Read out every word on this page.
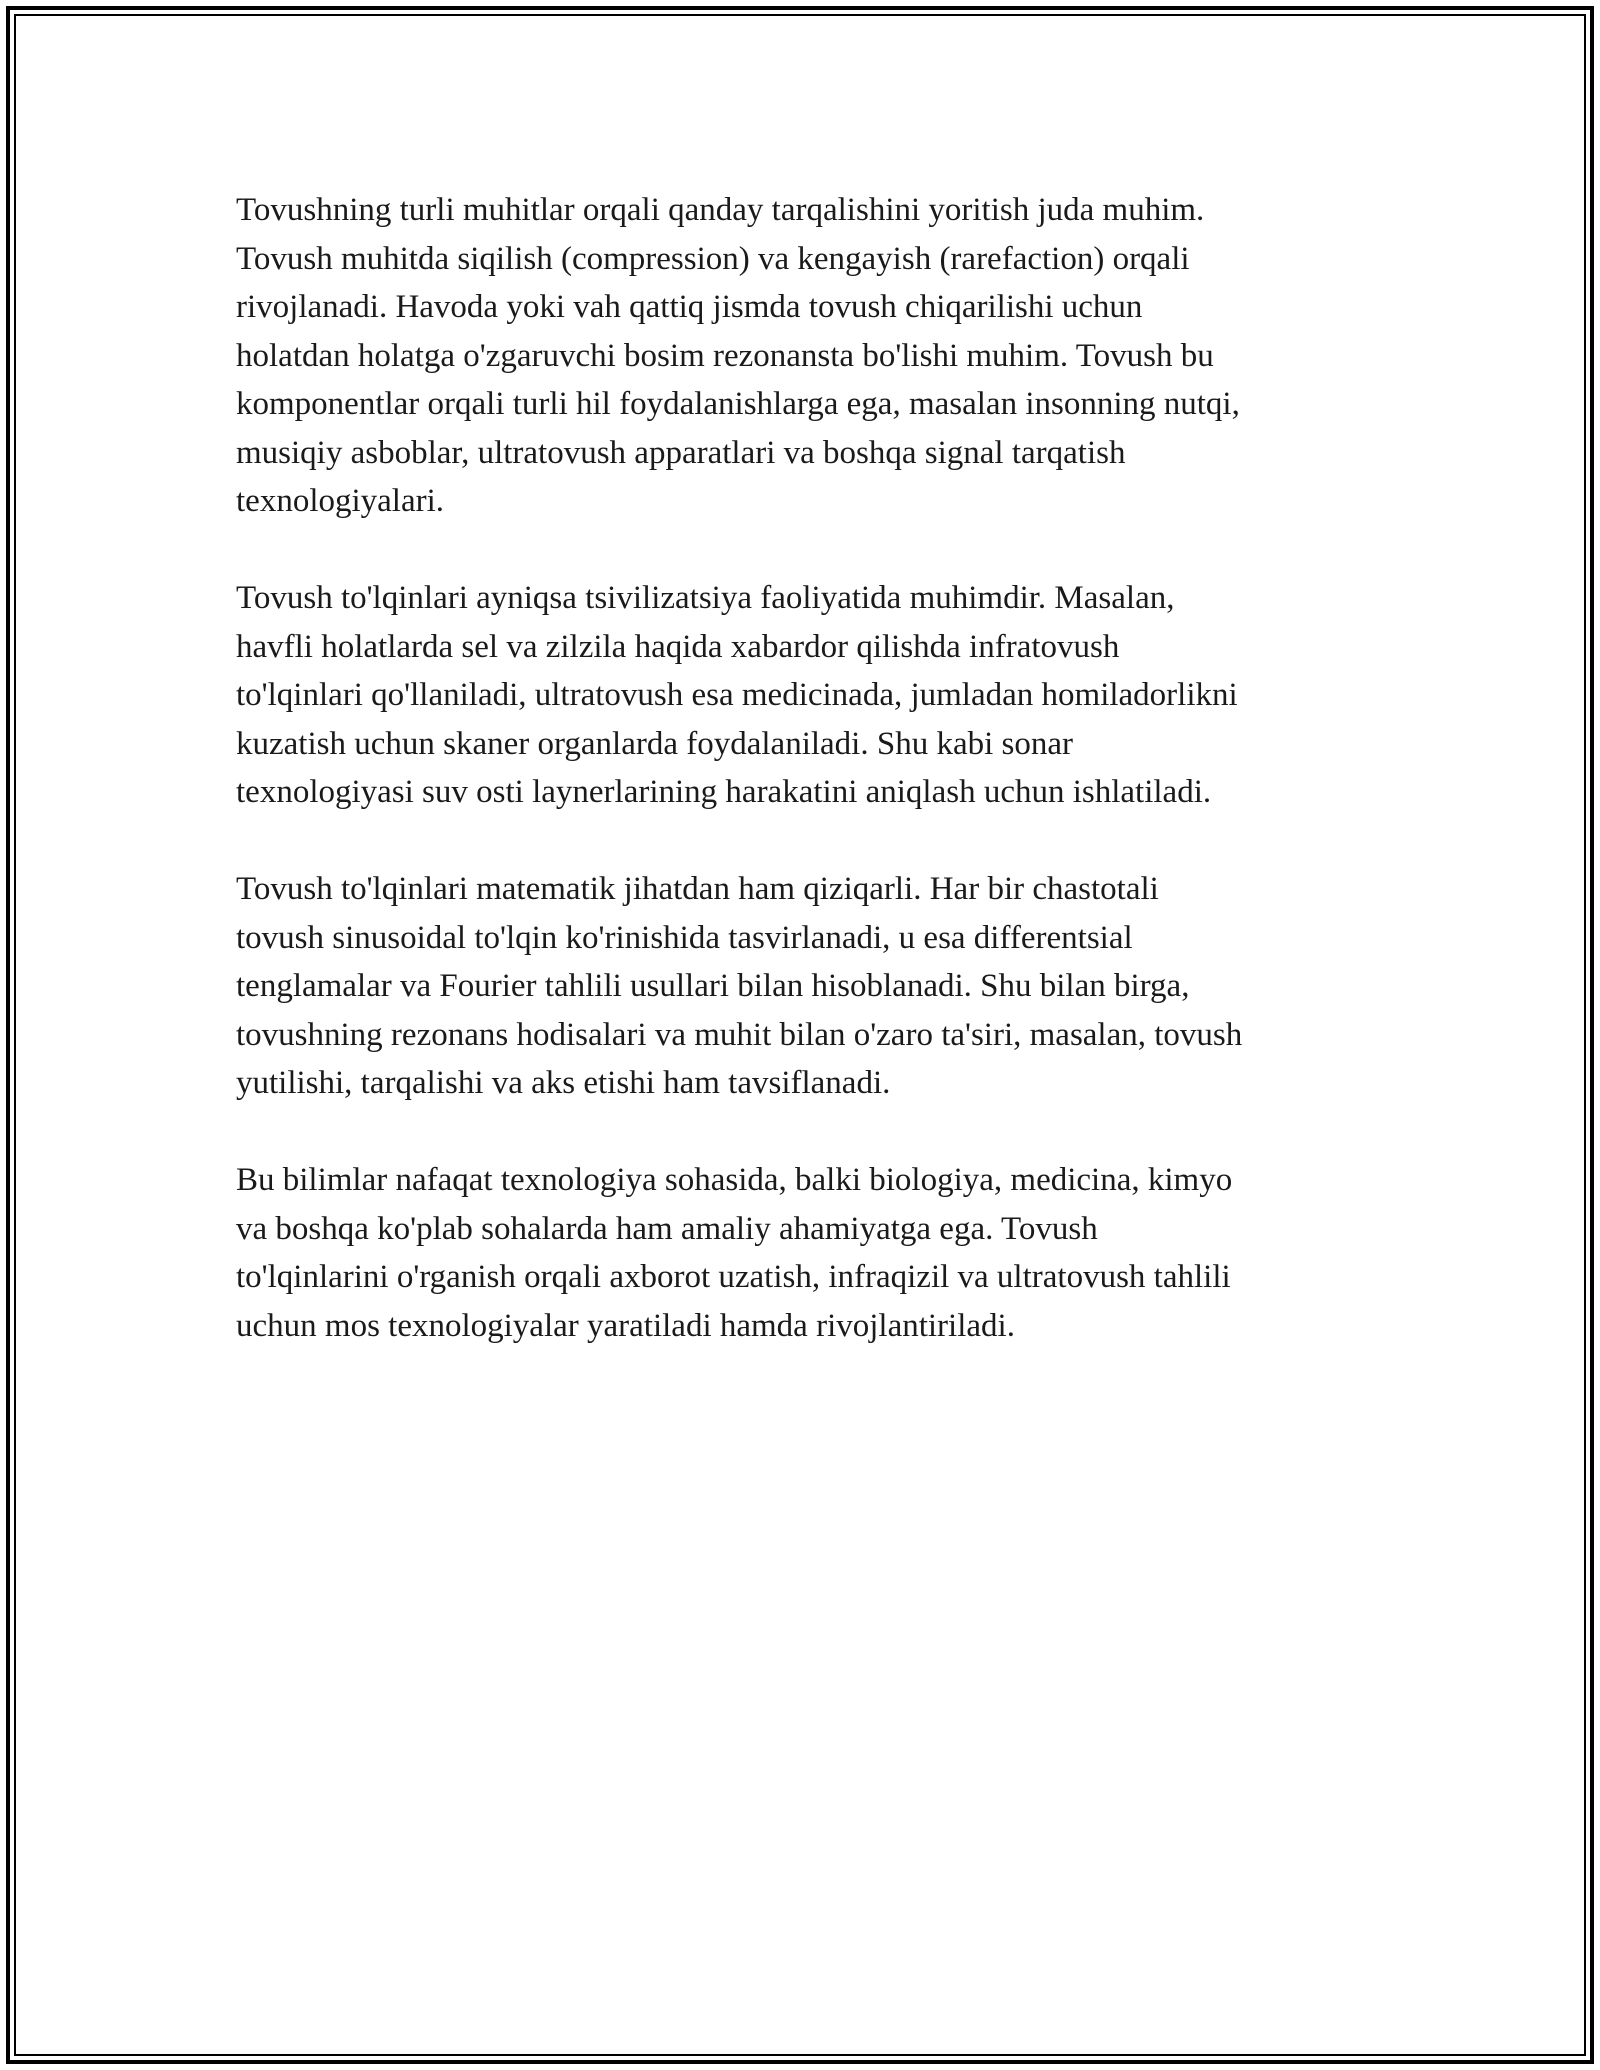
Tovushning turli muhitlar orqali qanday tarqalishini yoritish juda muhim.
Tovush muhitda siqilish (compression) va kengayish (rarefaction) orqali
rivojlanadi. Havoda yoki vah qattiq jismda tovush chiqarilishi uchun
holatdan holatga o'zgaruvchi bosim rezonansta bo'lishi muhim. Tovush bu
komponentlar orqali turli hil foydalanishlarga ega, masalan insonning nutqi,
musiqiy asboblar, ultratovush apparatlari va boshqa signal tarqatish
texnologiyalari.

Tovush to'lqinlari ayniqsa tsivilizatsiya faoliyatida muhimdir. Masalan,
havfli holatlarda sel va zilzila haqida xabardor qilishda infratovush
to'lqinlari qo'llaniladi, ultratovush esa medicinada, jumladan homiladorlikni
kuzatish uchun skaner organlarda foydalaniladi. Shu kabi sonar
texnologiyasi suv osti laynerlarining harakatini aniqlash uchun ishlatiladi.

Tovush to'lqinlari matematik jihatdan ham qiziqarli. Har bir chastotali
tovush sinusoidal to'lqin ko'rinishida tasvirlanadi, u esa differentsial
tenglamalar va Fourier tahlili usullari bilan hisoblanadi. Shu bilan birga,
tovushning rezonans hodisalari va muhit bilan o'zaro ta'siri, masalan, tovush
yutilishi, tarqalishi va aks etishi ham tavsiflanadi.

Bu bilimlar nafaqat texnologiya sohasida, balki biologiya, medicina, kimyo
va boshqa ko'plab sohalarda ham amaliy ahamiyatga ega. Tovush
to'lqinlarini o'rganish orqali axborot uzatish, infraqizil va ultratovush tahlili
uchun mos texnologiyalar yaratiladi hamda rivojlantiriladi.
